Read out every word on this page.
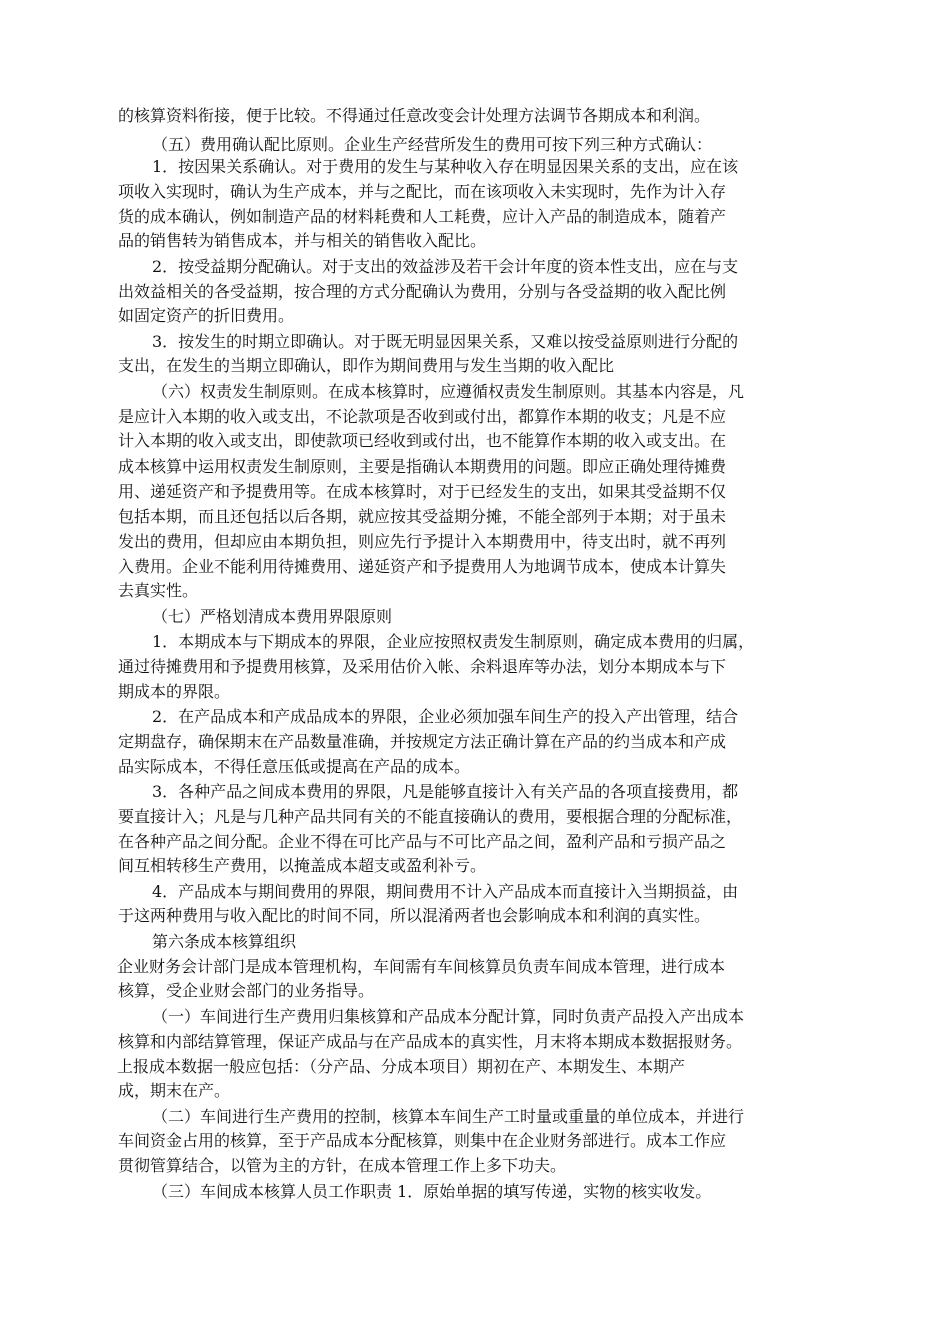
的核算资料衔接，便于比较。不得通过任意改变会计处理方法调节各期成本和利润。
（五）费用确认配比原则。企业生产经营所发生的费用可按下列三种方式确认：
1．按因果关系确认。对于费用的发生与某种收入存在明显因果关系的支出，应在该
项收入实现时，确认为生产成本，并与之配比，而在该项收入未实现时，先作为计入存
货的成本确认，例如制造产品的材料耗费和人工耗费，应计入产品的制造成本，随着产
品的销售转为销售成本，并与相关的销售收入配比。
2．按受益期分配确认。对于支出的效益涉及若干会计年度的资本性支出，应在与支
出效益相关的各受益期，按合理的方式分配确认为费用，分别与各受益期的收入配比例
如固定资产的折旧费用。
3．按发生的时期立即确认。对于既无明显因果关系，又难以按受益原则进行分配的
支出，在发生的当期立即确认，即作为期间费用与发生当期的收入配比
（六）权责发生制原则。在成本核算时，应遵循权责发生制原则。其基本内容是，凡
是应计入本期的收入或支出，不论款项是否收到或付出，都算作本期的收支；凡是不应
计入本期的收入或支出，即使款项已经收到或付出，也不能算作本期的收入或支出。在
成本核算中运用权责发生制原则，主要是指确认本期费用的问题。即应正确处理待摊费
用、递延资产和予提费用等。在成本核算时，对于已经发生的支出，如果其受益期不仅
包括本期，而且还包括以后各期，就应按其受益期分摊，不能全部列于本期；对于虽未
发出的费用，但却应由本期负担，则应先行予提计入本期费用中，待支出时，就不再列
入费用。企业不能利用待摊费用、递延资产和予提费用人为地调节成本，使成本计算失
去真实性。
（七）严格划清成本费用界限原则
1．本期成本与下期成本的界限，企业应按照权责发生制原则，确定成本费用的归属，
通过待摊费用和予提费用核算，及采用估价入帐、余料退库等办法，划分本期成本与下
期成本的界限。
2．在产品成本和产成品成本的界限，企业必须加强车间生产的投入产出管理，结合
定期盘存，确保期末在产品数量准确，并按规定方法正确计算在产品的约当成本和产成
品实际成本，不得任意压低或提高在产品的成本。
3．各种产品之间成本费用的界限，凡是能够直接计入有关产品的各项直接费用，都
要直接计入；凡是与几种产品共同有关的不能直接确认的费用，要根据合理的分配标准，
在各种产品之间分配。企业不得在可比产品与不可比产品之间，盈利产品和亏损产品之
间互相转移生产费用，以掩盖成本超支或盈利补亏。
4．产品成本与期间费用的界限，期间费用不计入产品成本而直接计入当期损益，由
于这两种费用与收入配比的时间不同，所以混淆两者也会影响成本和利润的真实性。
第六条成本核算组织
企业财务会计部门是成本管理机构，车间需有车间核算员负责车间成本管理，进行成本
核算，受企业财会部门的业务指导。
（一）车间进行生产费用归集核算和产品成本分配计算，同时负责产品投入产出成本
核算和内部结算管理，保证产成品与在产品成本的真实性，月末将本期成本数据报财务。
上报成本数据一般应包括：（分产品、分成本项目）期初在产、本期发生、本期产
成，期末在产。
（二）车间进行生产费用的控制，核算本车间生产工时量或重量的单位成本，并进行
车间资金占用的核算，至于产品成本分配核算，则集中在企业财务部进行。成本工作应
贯彻管算结合，以管为主的方针，在成本管理工作上多下功夫。
（三）车间成本核算人员工作职责 1．原始单据的填写传递，实物的核实收发。
